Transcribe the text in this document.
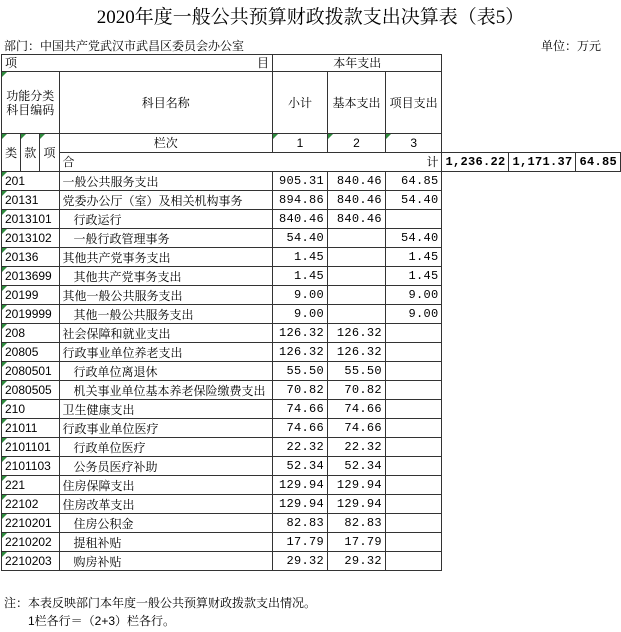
2020年度一般公共预算财政拨款支出决算表（表5）
部门：中国共产党武汉市武昌区委员会办公室	单位：万元
项 目				本年支出					

功能分类
科目编码			科目名称	小计	基本支出	项目支出			
类	款	项							
			栏次	1	2	3			
			合 计				1,236.22	1,171.37	64.85
201			一般公共服务支出	905.31	840.46	64.85			
20131			党委办公厅（室）及相关机构事务	894.86	840.46	54.40			
2013101			行政运行	840.46	840.46				
2013102			一般行政管理事务	54.40		54.40			
20136			其他共产党事务支出	1.45		1.45			
2013699			其他共产党事务支出	1.45		1.45			
20199			其他一般公共服务支出	9.00		9.00			
2019999			其他一般公共服务支出	9.00		9.00			
208			社会保障和就业支出	126.32	126.32				
20805			行政事业单位养老支出	126.32	126.32				
2080501			行政单位离退休	55.50	55.50				
2080505			机关事业单位基本养老保险缴费支出	70.82	70.82				
210			卫生健康支出	74.66	74.66				
21011			行政事业单位医疗	74.66	74.66				
2101101			行政单位医疗	22.32	22.32				
2101103			公务员医疗补助	52.34	52.34				
221			住房保障支出	129.94	129.94				
22102			住房改革支出	129.94	129.94				
2210201			住房公积金	82.83	82.83				
2210202			提租补贴	17.79	17.79				
2210203			购房补贴	29.32	29.32				
注：本表反映部门本年度一般公共预算财政拨款支出情况。
1栏各行＝（2+3）栏各行。
